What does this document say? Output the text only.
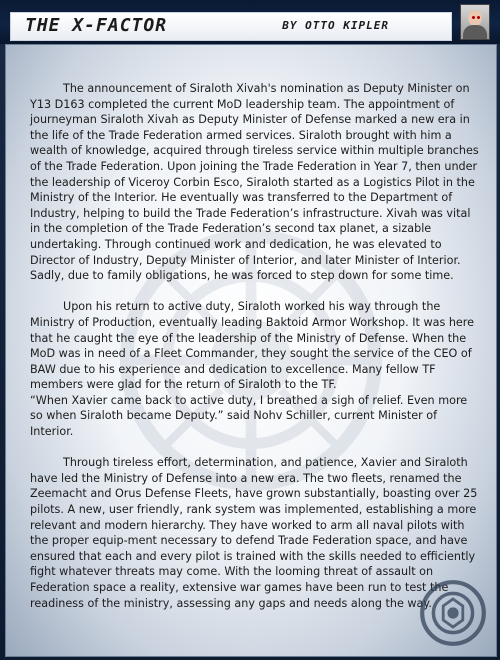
THE X-FACTOR	BY OTTO KIPLER

The announcement of Siraloth Xivah's nomination as Deputy Minister on Y13 D163 completed the current MoD leadership team. The appointment of journeyman Siraloth Xivah as Deputy Minister of Defense marked a new era in the life of the Trade Federation armed services. Siraloth brought with him a wealth of knowledge, acquired through tireless service within multiple branches of the Trade Federation. Upon joining the Trade Federation in Year 7, then under the leadership of Viceroy Corbin Esco, Siraloth started as a Logistics Pilot in the Ministry of the Interior. He eventually was transferred to the Department of Industry, helping to build the Trade Federation’s infrastructure. Xivah was vital in the completion of the Trade Federation’s second tax planet, a sizable undertaking. Through continued work and dedication, he was elevated to Director of Industry, Deputy Minister of Interior, and later Minister of Interior. Sadly, due to family obligations, he was forced to step down for some time.

Upon his return to active duty, Siraloth worked his way through the Ministry of Production, eventually leading Baktoid Armor Workshop. It was here that he caught the eye of the leadership of the Ministry of Defense. When the MoD was in need of a Fleet Commander, they sought the service of the CEO of BAW due to his experience and dedication to excellence. Many fellow TF members were glad for the return of Siraloth to the TF.

“When Xavier came back to active duty, I breathed a sigh of relief. Even more so when Siraloth became Deputy.” said Nohv Schiller, current Minister of Interior.

Through tireless effort, determination, and patience, Xavier and Siraloth have led the Ministry of Defense into a new era. The two fleets, renamed the Zeemacht and Orus Defense Fleets, have grown substantially, boasting over 25 pilots. A new, user friendly, rank system was implemented, establishing a more relevant and modern hierarchy. They have worked to arm all naval pilots with the proper equip-ment necessary to defend Trade Federation space, and have ensured that each and every pilot is trained with the skills needed to efficiently fight whatever threats may come. With the looming threat of assault on Federation space a reality, extensive war games have been run to test the readiness of the ministry, assessing any gaps and needs along the way.
